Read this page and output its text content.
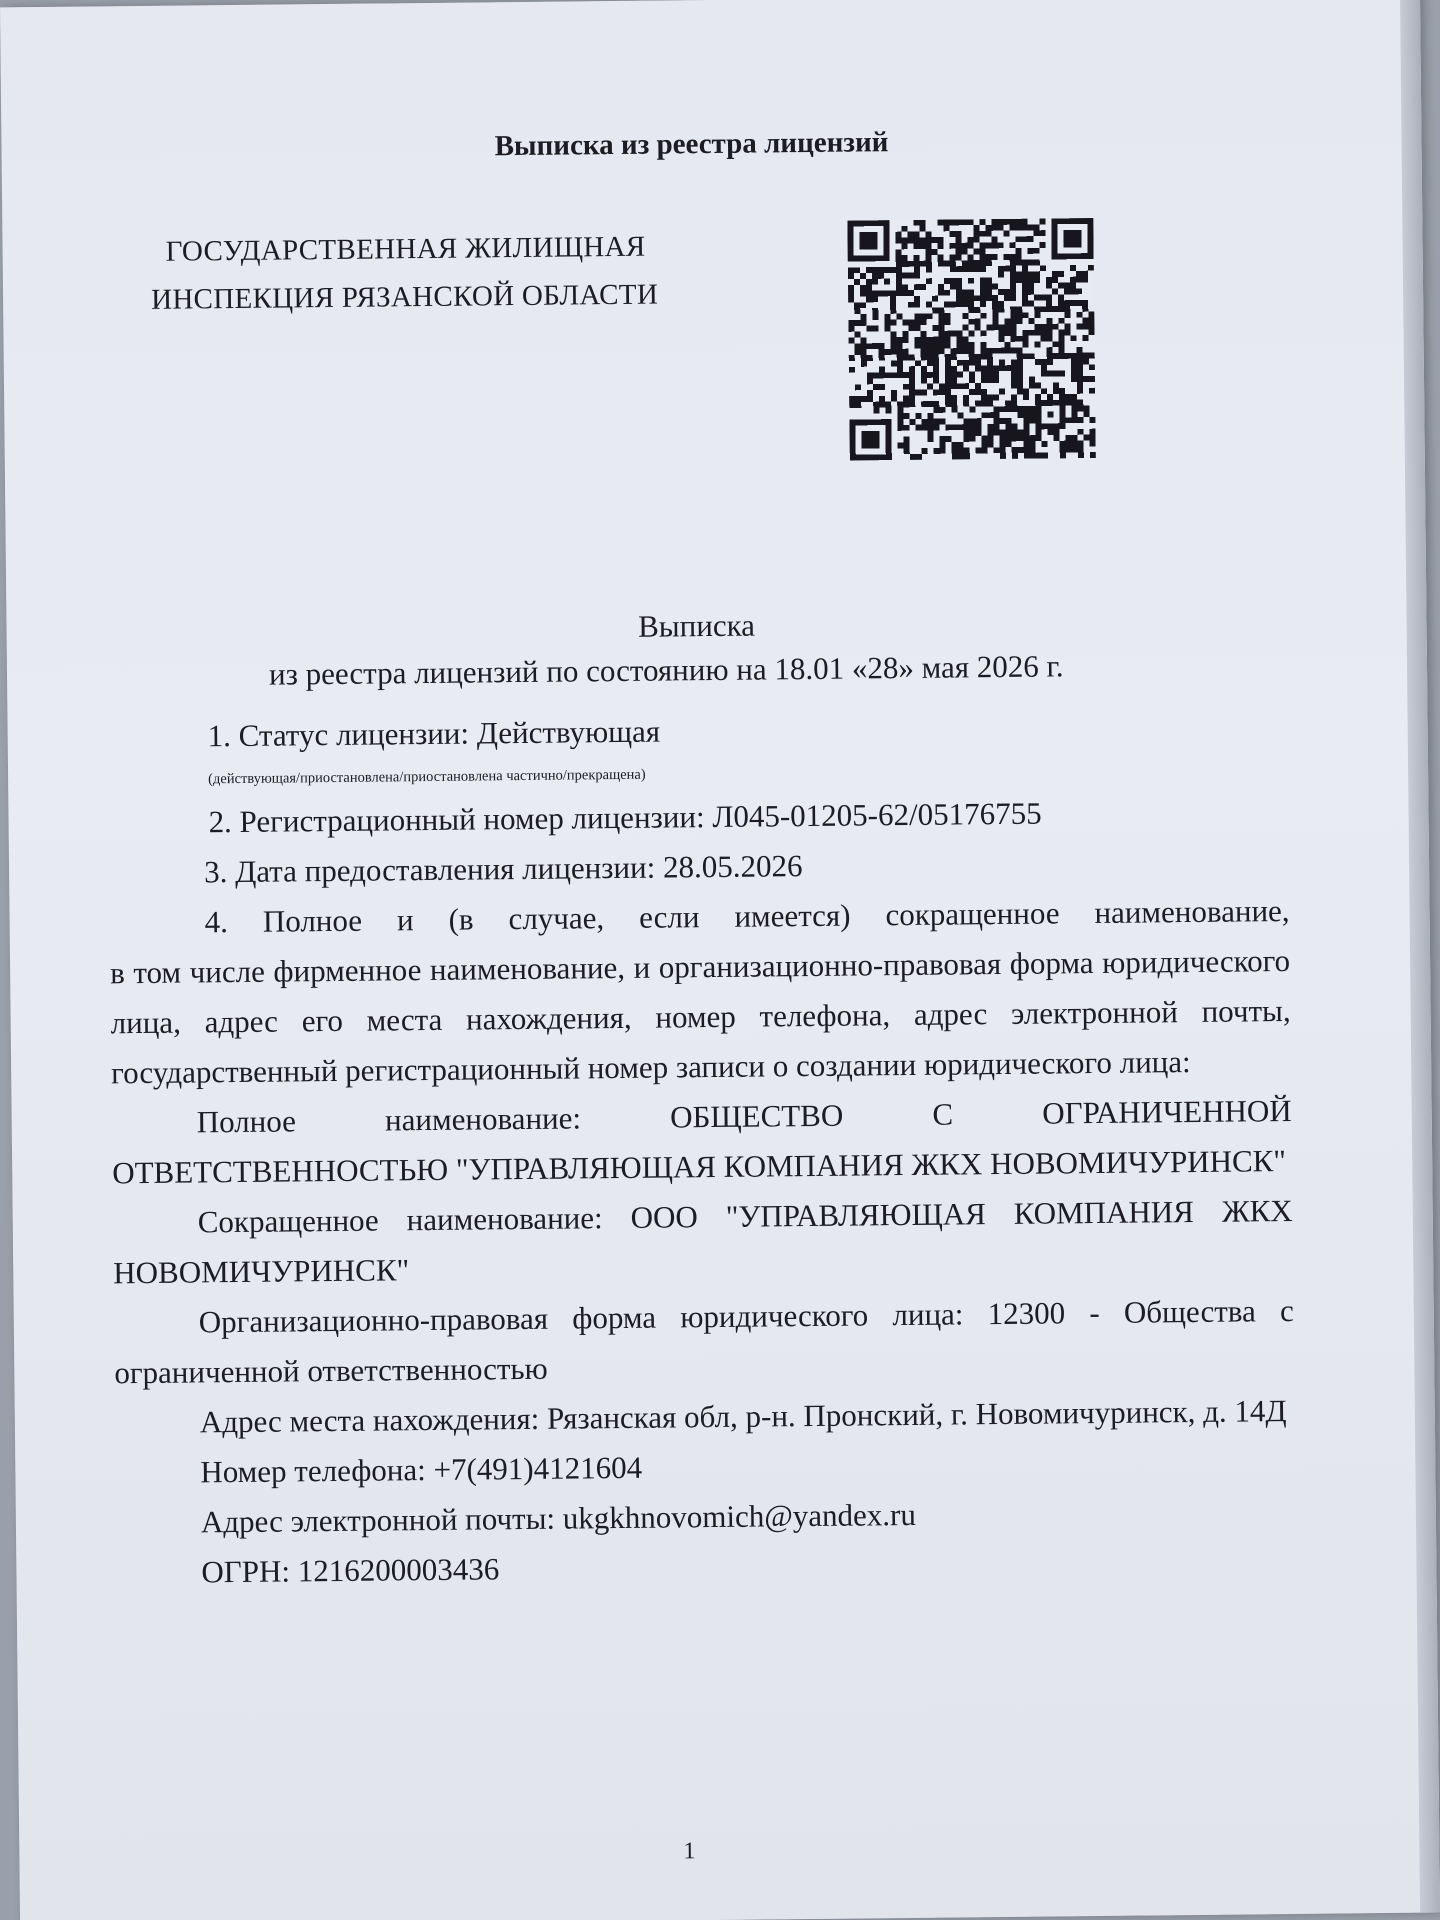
Выписка из реестра лицензий
ГОСУДАРСТВЕННАЯ ЖИЛИЩНАЯ
ИНСПЕКЦИЯ РЯЗАНСКОЙ ОБЛАСТИ
Выписка
из реестра лицензий по состоянию на 18.01 «28» мая 2026 г.

1. Статус лицензии: Действующая

(действующая/приостановлена/приостановлена частично/прекращена)

2. Регистрационный номер лицензии: Л045-01205-62/05176755

3. Дата предоставления лицензии: 28.05.2026

4. Полное и (в случае, если имеется) сокращенное наименование,

в том числе фирменное наименование, и организационно-правовая форма юридического лица, адрес его места нахождения, номер телефона, адрес электронной почты, государственный регистрационный номер записи о создании юридического лица:

Полное наименование: ОБЩЕСТВО С ОГРАНИЧЕННОЙ ОТВЕТСТВЕННОСТЬЮ "УПРАВЛЯЮЩАЯ КОМПАНИЯ ЖКХ НОВОМИЧУРИНСК"

Сокращенное наименование: ООО "УПРАВЛЯЮЩАЯ КОМПАНИЯ ЖКХ НОВОМИЧУРИНСК"

Организационно-правовая форма юридического лица: 12300 - Общества с ограниченной ответственностью

Адрес места нахождения: Рязанская обл, р-н. Пронский, г. Новомичуринск, д. 14Д

Номер телефона: +7(491)4121604

Адрес электронной почты: ukgkhnovomich@yandex.ru

ОГРН: 1216200003436

1
